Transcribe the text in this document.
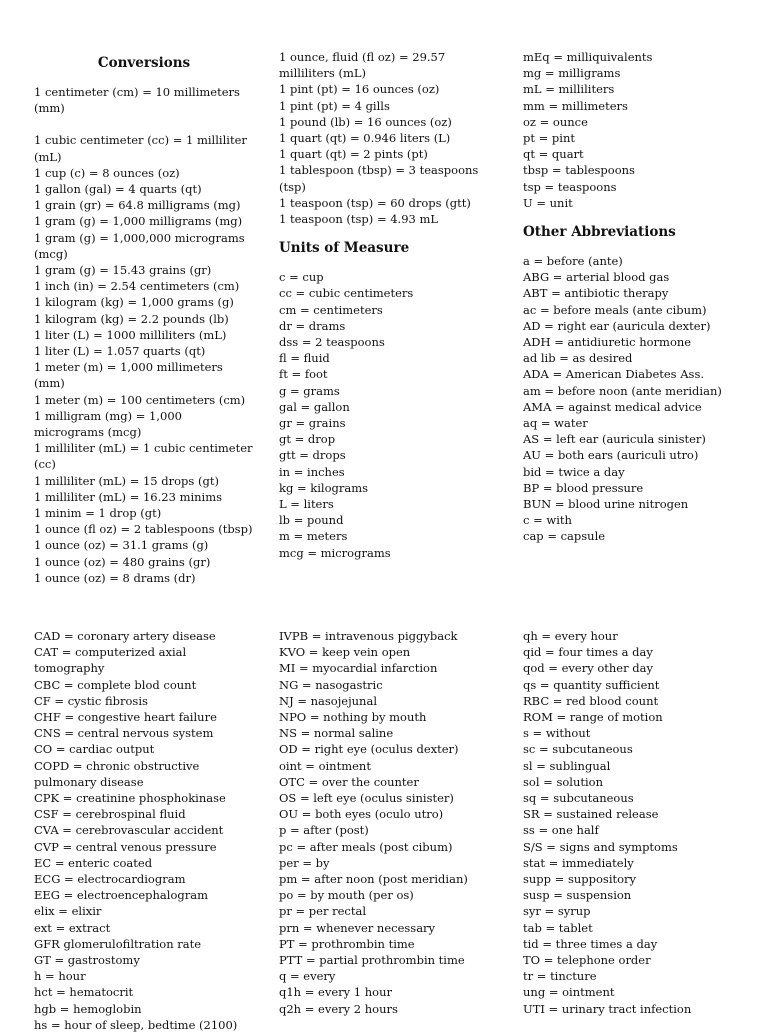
Conversions
1 centimeter (cm) = 10 millimeters (mm)
1 cubic centimeter (cc) = 1 milliliter (mL)
1 cup (c) = 8 ounces (oz)
1 gallon (gal) = 4 quarts (qt)
1 grain (gr) = 64.8 milligrams (mg)
1 gram (g) = 1,000 milligrams (mg)
1 gram (g) = 1,000,000 micrograms (mcg)
1 gram (g) = 15.43 grains (gr)
1 inch (in) = 2.54 centimeters (cm)
1 kilogram (kg) = 1,000 grams (g)
1 kilogram (kg) = 2.2 pounds (lb)
1 liter (L) = 1000 milliliters (mL)
1 liter (L) = 1.057 quarts (qt)
1 meter (m) = 1,000 millimeters (mm)
1 meter (m) = 100 centimeters (cm)
1 milligram (mg) = 1,000 micrograms (mcg)
1 milliliter (mL) = 1 cubic centimeter (cc)
1 milliliter (mL) = 15 drops (gt)
1 milliliter (mL) = 16.23 minims
1 minim = 1 drop (gt)
1 ounce (fl oz) = 2 tablespoons (tbsp)
1 ounce (oz) = 31.1 grams (g)
1 ounce (oz) = 480 grains (gr)
1 ounce (oz) = 8 drams (dr)
1 ounce, fluid (fl oz) = 29.57 milliliters (mL)
1 pint (pt) = 16 ounces (oz)
1 pint (pt) = 4 gills
1 pound (lb) = 16 ounces (oz)
1 quart (qt) = 0.946 liters (L)
1 quart (qt) = 2 pints (pt)
1 tablespoon (tbsp) = 3 teaspoons (tsp)
1 teaspoon (tsp) = 60 drops (gtt)
1 teaspoon (tsp) = 4.93 mL
Units of Measure
c = cup
cc = cubic centimeters
cm = centimeters
dr = drams
dss = 2 teaspoons
fl = fluid
ft = foot
g = grams
gal = gallon
gr = grains
gt = drop
gtt = drops
in = inches
kg = kilograms
L = liters
lb = pound
m = meters
mcg = micrograms
mEq = milliquivalents
mg = milligrams
mL = milliliters
mm = millimeters
oz = ounce
pt = pint
qt = quart
tbsp = tablespoons
tsp = teaspoons
U = unit
Other Abbreviations
a = before (ante)
ABG = arterial blood gas
ABT = antibiotic therapy
ac = before meals (ante cibum)
AD = right ear (auricula dexter)
ADH = antidiuretic hormone
ad lib = as desired
ADA = American Diabetes Ass.
am = before noon (ante meridian)
AMA = against medical advice
aq = water
AS = left ear (auricula sinister)
AU = both ears (auriculi utro)
bid = twice a day
BP = blood pressure
BUN = blood urine nitrogen
c = with
cap = capsule
CAD = coronary artery disease
CAT = computerized axial tomography
CBC = complete blod count
CF = cystic fibrosis
CHF = congestive heart failure
CNS = central nervous system
CO = cardiac output
COPD = chronic obstructive pulmonary disease
CPK = creatinine phosphokinase
CSF = cerebrospinal fluid
CVA = cerebrovascular accident
CVP = central venous pressure
EC = enteric coated
ECG = electrocardiogram
EEG = electroencephalogram
elix = elixir
ext = extract
GFR glomerulofiltration rate
GT = gastrostomy
h = hour
hct = hematocrit
hgb = hemoglobin
hs = hour of sleep, bedtime (2100)
IVPB = intravenous piggyback
KVO = keep vein open
MI = myocardial infarction
NG = nasogastric
NJ = nasojejunal
NPO = nothing by mouth
NS = normal saline
OD = right eye (oculus dexter)
oint = ointment
OTC = over the counter
OS = left eye (oculus sinister)
OU = both eyes (oculo utro)
p = after (post)
pc = after meals (post cibum)
per = by
pm = after noon (post meridian)
po = by mouth (per os)
pr = per rectal
prn = whenever necessary
PT = prothrombin time
PTT = partial prothrombin time
q = every
q1h = every 1 hour
q2h = every 2 hours
qh = every hour
qid = four times a day
qod = every other day
qs = quantity sufficient
RBC = red blood count
ROM = range of motion
s = without
sc = subcutaneous
sl = sublingual
sol = solution
sq = subcutaneous
SR = sustained release
ss = one half
S/S = signs and symptoms
stat = immediately
supp = suppository
susp = suspension
syr = syrup
tab = tablet
tid = three times a day
TO = telephone order
tr = tincture
ung = ointment
UTI = urinary tract infection
